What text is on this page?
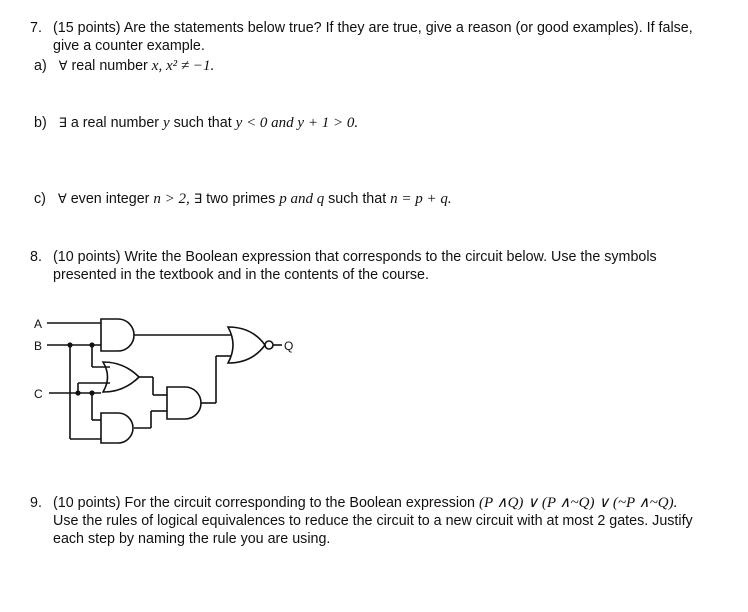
7. (15 points) Are the statements below true? If they are true, give a reason (or good examples). If false,
give a counter example.
a) ∀ real number x, x² ≠ −1.
b) ∃ a real number y such that y < 0 and y + 1 > 0.
c) ∀ even integer n > 2, ∃ two primes p and q such that n = p + q.
8. (10 points) Write the Boolean expression that corresponds to the circuit below. Use the symbols
presented in the textbook and in the contents of the course.
A
B
C
Q
9. (10 points) For the circuit corresponding to the Boolean expression (P ∧Q) ∨ (P ∧~Q) ∨ (~P ∧~Q).
Use the rules of logical equivalences to reduce the circuit to a new circuit with at most 2 gates. Justify
each step by naming the rule you are using.
